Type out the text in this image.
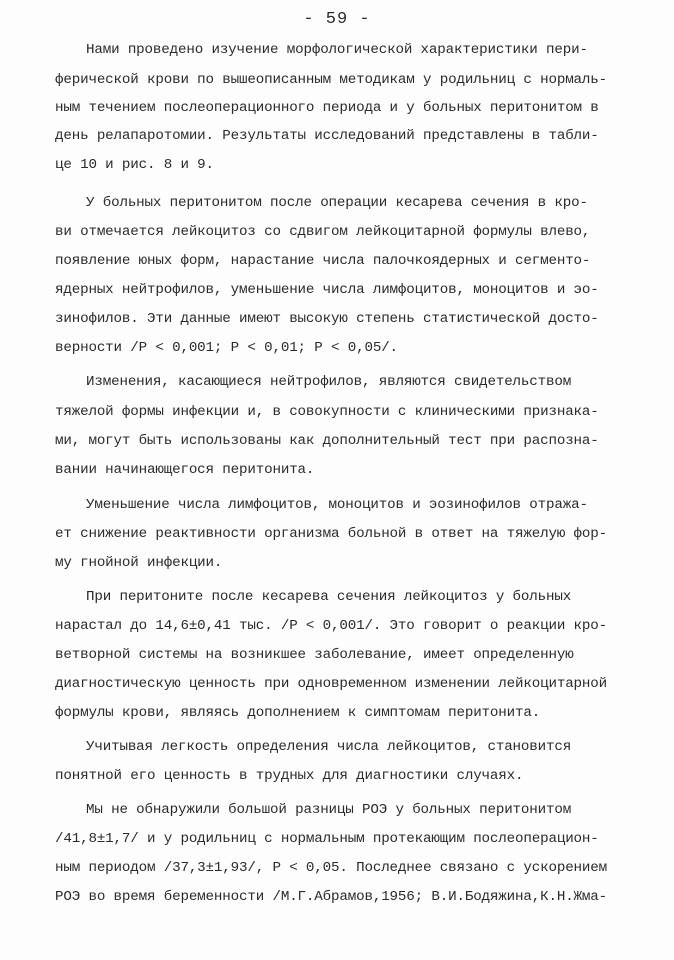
- 59 -
Нами проведено изучение морфологической характеристики пери-
ферической крови по вышеописанным методикам у родильниц с нормаль-
ным течением послеоперационного периода и у больных перитонитом в
день релапаротомии. Результаты исследований представлены в табли-
це 10 и рис. 8 и 9.
У больных перитонитом после операции кесарева сечения в кро-
ви отмечается лейкоцитоз со сдвигом лейкоцитарной формулы влево,
появление юных форм, нарастание числа палочкоядерных и сегменто-
ядерных нейтрофилов, уменьшение числа лимфоцитов, моноцитов и эо-
зинофилов. Эти данные имеют высокую степень статистической досто-
верности /Р < 0,001; Р < 0,01; Р < 0,05/.
Изменения, касающиеся нейтрофилов, являются свидетельством
тяжелой формы инфекции и, в совокупности с клиническими признака-
ми, могут быть использованы как дополнительный тест при распозна-
вании начинающегося перитонита.
Уменьшение числа лимфоцитов, моноцитов и эозинофилов отража-
ет снижение реактивности организма больной в ответ на тяжелую фор-
му гнойной инфекции.
При перитоните после кесарева сечения лейкоцитоз у больных
нарастал до 14,6±0,41 тыс. /Р < 0,001/. Это говорит о реакции кро-
ветворной системы на возникшее заболевание, имеет определенную
диагностическую ценность при одновременном изменении лейкоцитарной
формулы крови, являясь дополнением к симптомам перитонита.
Учитывая легкость определения числа лейкоцитов, становится
понятной его ценность в трудных для диагностики случаях.
Мы не обнаружили большой разницы РОЭ у больных перитонитом
/41,8±1,7/ и у родильниц с нормальным протекающим послеоперацион-
ным периодом /37,3±1,93/, Р < 0,05. Последнее связано с ускорением
РОЭ во время беременности /М.Г.Абрамов,1956; В.И.Бодяжина,К.Н.Жма-
